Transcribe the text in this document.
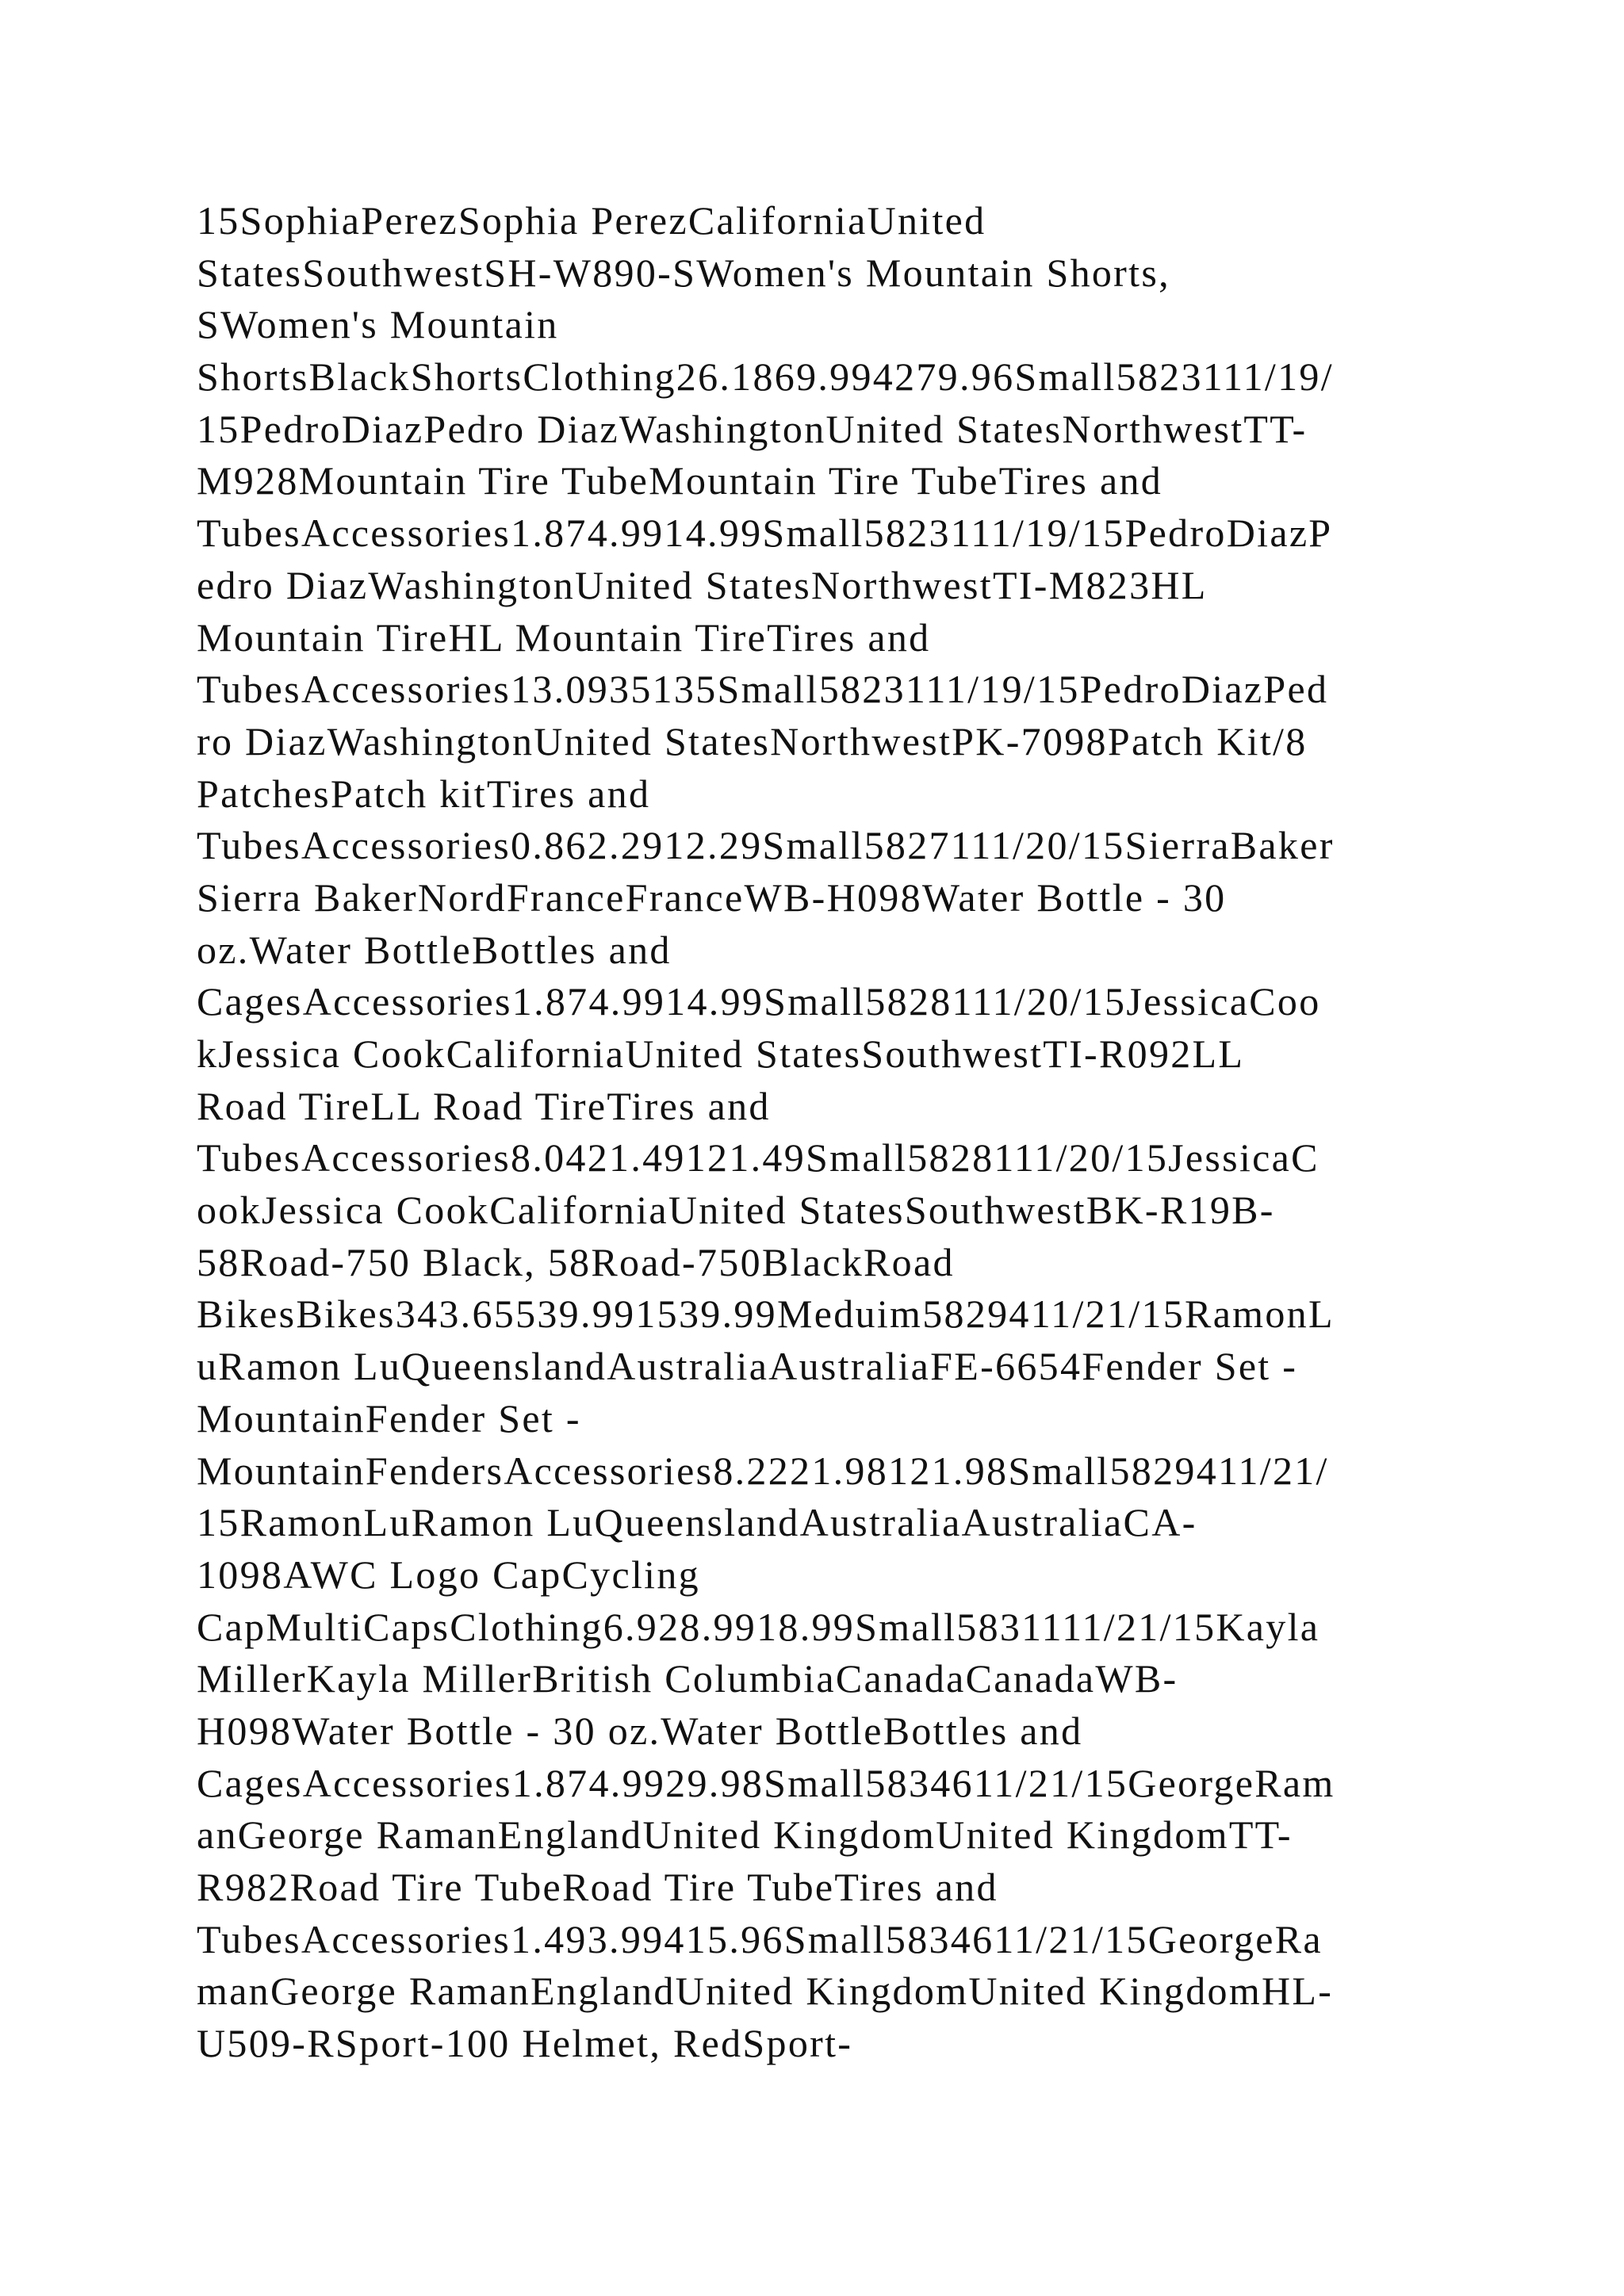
15SophiaPerezSophia PerezCaliforniaUnited
StatesSouthwestSH-W890-SWomen's Mountain Shorts,
SWomen's Mountain
ShortsBlackShortsClothing26.1869.994279.96Small5823111/19/
15PedroDiazPedro DiazWashingtonUnited StatesNorthwestTT-
M928Mountain Tire TubeMountain Tire TubeTires and
TubesAccessories1.874.9914.99Small5823111/19/15PedroDiazP
edro DiazWashingtonUnited StatesNorthwestTI-M823HL
Mountain TireHL Mountain TireTires and
TubesAccessories13.0935135Small5823111/19/15PedroDiazPed
ro DiazWashingtonUnited StatesNorthwestPK-7098Patch Kit/8
PatchesPatch kitTires and
TubesAccessories0.862.2912.29Small5827111/20/15SierraBaker
Sierra BakerNordFranceFranceWB-H098Water Bottle - 30
oz.Water BottleBottles and
CagesAccessories1.874.9914.99Small5828111/20/15JessicaCoo
kJessica CookCaliforniaUnited StatesSouthwestTI-R092LL
Road TireLL Road TireTires and
TubesAccessories8.0421.49121.49Small5828111/20/15JessicaC
ookJessica CookCaliforniaUnited StatesSouthwestBK-R19B-
58Road-750 Black, 58Road-750BlackRoad
BikesBikes343.65539.991539.99Meduim5829411/21/15RamonL
uRamon LuQueenslandAustraliaAustraliaFE-6654Fender Set -
MountainFender Set -
MountainFendersAccessories8.2221.98121.98Small5829411/21/
15RamonLuRamon LuQueenslandAustraliaAustraliaCA-
1098AWC Logo CapCycling
CapMultiCapsClothing6.928.9918.99Small5831111/21/15Kayla
MillerKayla MillerBritish ColumbiaCanadaCanadaWB-
H098Water Bottle - 30 oz.Water BottleBottles and
CagesAccessories1.874.9929.98Small5834611/21/15GeorgeRam
anGeorge RamanEnglandUnited KingdomUnited KingdomTT-
R982Road Tire TubeRoad Tire TubeTires and
TubesAccessories1.493.99415.96Small5834611/21/15GeorgeRa
manGeorge RamanEnglandUnited KingdomUnited KingdomHL-
U509-RSport-100 Helmet, RedSport-
